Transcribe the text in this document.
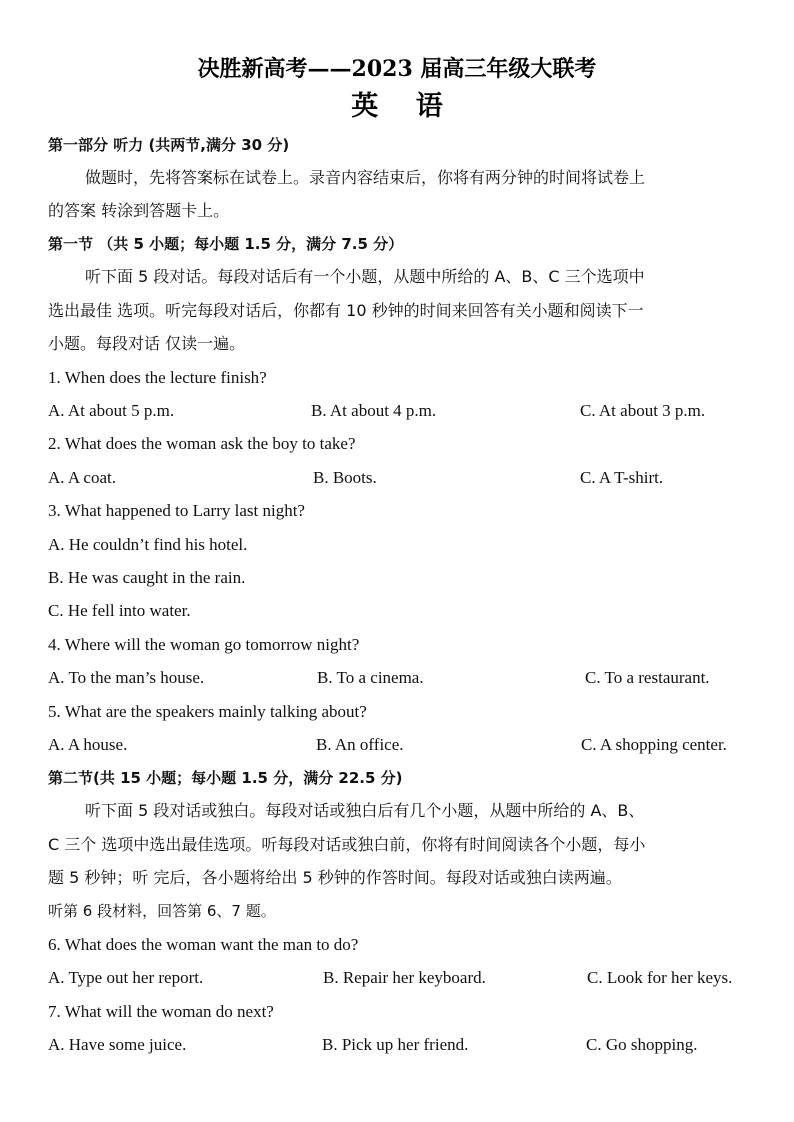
决胜新高考——2023 届高三年级大联考
英 语
第一部分 听力 (共两节,满分 30 分)
做题时，先将答案标在试卷上。录音内容结束后，你将有两分钟的时间将试卷上
的答案 转涂到答题卡上。
第一节 （共 5 小题；每小题 1.5 分，满分 7.5 分）
听下面 5 段对话。每段对话后有一个小题，从题中所给的 A、B、C 三个选项中
选出最佳 选项。听完每段对话后，你都有 10 秒钟的时间来回答有关小题和阅读下一
小题。每段对话 仅读一遍。
1. When does the lecture finish?
A. At about 5 p.m.	B. At about 4 p.m.	C. At about 3 p.m.
2. What does the woman ask the boy to take?
A. A coat.	B. Boots.	C. A T-shirt.
3. What happened to Larry last night?
A. He couldn’t find his hotel.
B. He was caught in the rain.
C. He fell into water.
4. Where will the woman go tomorrow night?
A. To the man’s house.	B. To a cinema.	C. To a restaurant.
5. What are the speakers mainly talking about?
A. A house.	B. An office.	C. A shopping center.
第二节(共 15 小题；每小题 1.5 分，满分 22.5 分)
听下面 5 段对话或独白。每段对话或独白后有几个小题，从题中所给的 A、B、
C 三个 选项中选出最佳选项。听每段对话或独白前，你将有时间阅读各个小题，每小
题 5 秒钟；听 完后，各小题将给出 5 秒钟的作答时间。每段对话或独白读两遍。
听第 6 段材料，回答第 6、7 题。
6. What does the woman want the man to do?
A. Type out her report.	B. Repair her keyboard.	C. Look for her keys.
7. What will the woman do next?
A. Have some juice.	B. Pick up her friend.	C. Go shopping.
